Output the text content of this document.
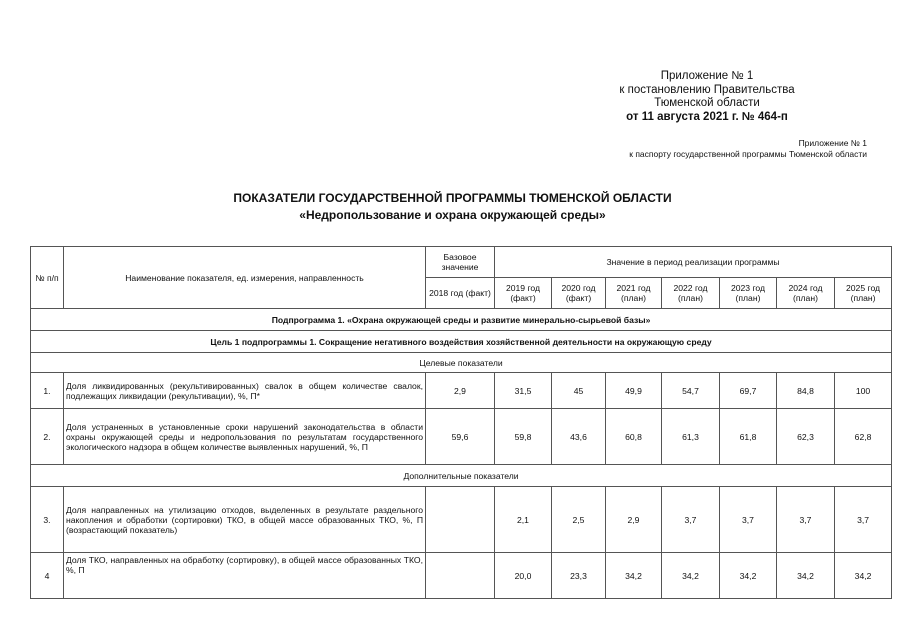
Приложение № 1
к постановлению Правительства
Тюменской области
от 11 августа 2021 г. № 464-п
Приложение № 1
к паспорту государственной программы Тюменской области
ПОКАЗАТЕЛИ ГОСУДАРСТВЕННОЙ ПРОГРАММЫ ТЮМЕНСКОЙ ОБЛАСТИ
«Недропользование и охрана окружающей среды»
№ п/п	Наименование показателя, ед. измерения, направленность	Базовое значение	Значение в период реализации программы						
		2018 год (факт)	2019 год (факт)	2020 год (факт)	2021 год (план)	2022 год (план)	2023 год (план)	2024 год (план)	2025 год (план)
Подпрограмма 1. «Охрана окружающей среды и развитие минерально-сырьевой базы»									
Цель 1 подпрограммы 1. Сокращение негативного воздействия хозяйственной деятельности на окружающую среду									
Целевые показатели									
1.	Доля ликвидированных (рекультивированных) свалок в общем количестве свалок, подлежащих ликвидации (рекультивации), %, П*	2,9	31,5	45	49,9	54,7	69,7	84,8	100
2.	Доля устраненных в установленные сроки нарушений законодательства в области охраны окружающей среды и недропользования по результатам государственного экологического надзора в общем количестве выявленных нарушений, %, П	59,6	59,8	43,6	60,8	61,3	61,8	62,3	62,8
Дополнительные показатели									
3.	Доля направленных на утилизацию отходов, выделенных в результате раздельного накопления и обработки (сортировки) ТКО, в общей массе образованных ТКО, %, П (возрастающий показатель)		2,1	2,5	2,9	3,7	3,7	3,7	3,7
4	Доля ТКО, направленных на обработку (сортировку), в общей массе образованных ТКО, %, П		20,0	23,3	34,2	34,2	34,2	34,2	34,2
